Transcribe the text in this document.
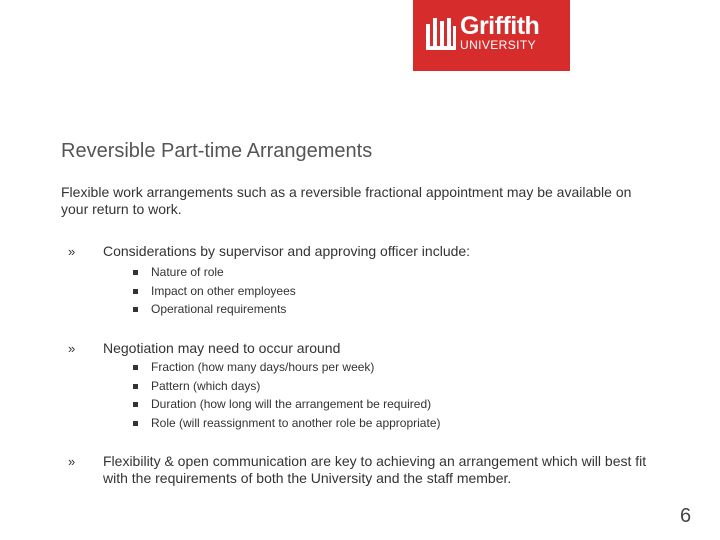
Griffith
UNIVERSITY
Reversible Part-time Arrangements
Flexible work arrangements such as a reversible fractional appointment may be available on your return to work.
» Considerations by supervisor and approving officer include:
Nature of role
Impact on other employees
Operational requirements
» Negotiation may need to occur around
Fraction (how many days/hours per week)
Pattern (which days)
Duration (how long will the arrangement be required)
Role (will reassignment to another role be appropriate)
» Flexibility & open communication are key to achieving an arrangement which will best fit with the requirements of both the University and the staff member.
6
